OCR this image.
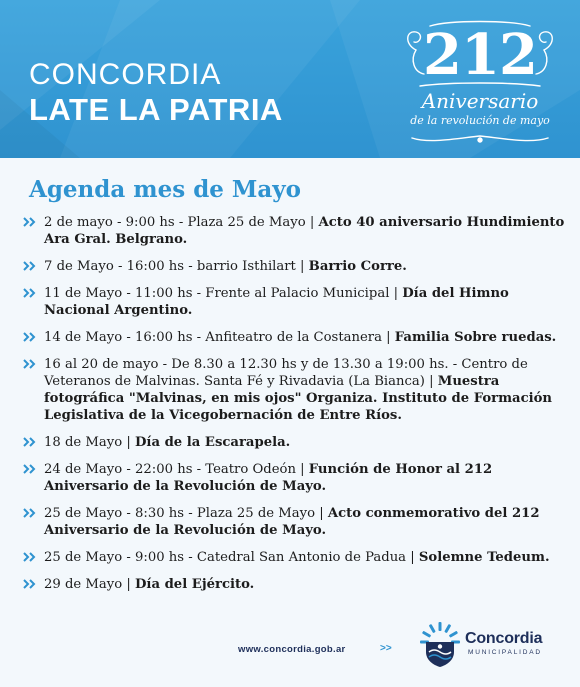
CONCORDIA
LATE LA PATRIA
212
Aniversario
de la revolución de mayo
Agenda mes de Mayo
2 de mayo - 9:00 hs - Plaza 25 de Mayo | Acto 40 aniversario Hundimiento Ara Gral. Belgrano.
7 de Mayo - 16:00 hs - barrio Isthilart | Barrio Corre.
11 de Mayo - 11:00 hs - Frente al Palacio Municipal | Día del Himno Nacional Argentino.
14 de Mayo - 16:00 hs - Anfiteatro de la Costanera | Familia Sobre ruedas.
16 al 20 de mayo - De 8.30 a 12.30 hs y de 13.30 a 19:00 hs. - Centro de Veteranos de Malvinas. Santa Fé y Rivadavia (La Bianca) | Muestra fotográfica "Malvinas, en mis ojos" Organiza. Instituto de Formación Legislativa de la Vicegobernación de Entre Ríos.
18 de Mayo | Día de la Escarapela.
24 de Mayo - 22:00 hs - Teatro Odeón | Función de Honor al 212 Aniversario de la Revolución de Mayo.
25 de Mayo - 8:30 hs - Plaza 25 de Mayo | Acto conmemorativo del 212 Aniversario de la Revolución de Mayo.
25 de Mayo - 9:00 hs - Catedral San Antonio de Padua | Solemne Tedeum.
29 de Mayo | Día del Ejército.
www.concordia.gob.ar	>>
Concordia
MUNICIPALIDAD
